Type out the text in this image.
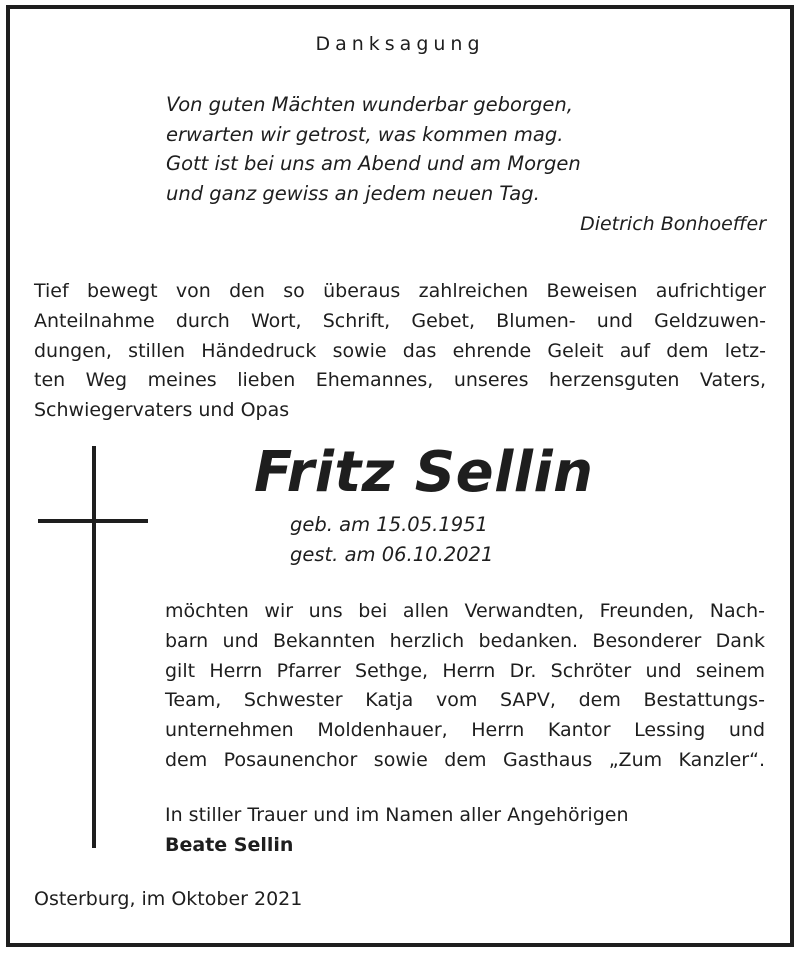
Danksagung
Von guten Mächten wunderbar geborgen,
erwarten wir getrost, was kommen mag.
Gott ist bei uns am Abend und am Morgen
und ganz gewiss an jedem neuen Tag.
Dietrich Bonhoeffer
Tief bewegt von den so überaus zahlreichen Beweisen aufrichtiger
Anteilnahme durch Wort, Schrift, Gebet, Blumen- und Geldzuwen-
dungen, stillen Händedruck sowie das ehrende Geleit auf dem letz-
ten Weg meines lieben Ehemannes, unseres herzensguten Vaters,
Schwiegervaters und Opas
Fritz Sellin
geb. am 15.05.1951
gest. am 06.10.2021
möchten wir uns bei allen Verwandten, Freunden, Nach-
barn und Bekannten herzlich bedanken. Besonderer Dank
gilt Herrn Pfarrer Sethge, Herrn Dr. Schröter und seinem
Team, Schwester Katja vom SAPV, dem Bestattungs-
unternehmen Moldenhauer, Herrn Kantor Lessing und
dem Posaunenchor sowie dem Gasthaus „Zum Kanzler“.
In stiller Trauer und im Namen aller Angehörigen
Beate Sellin
Osterburg, im Oktober 2021
